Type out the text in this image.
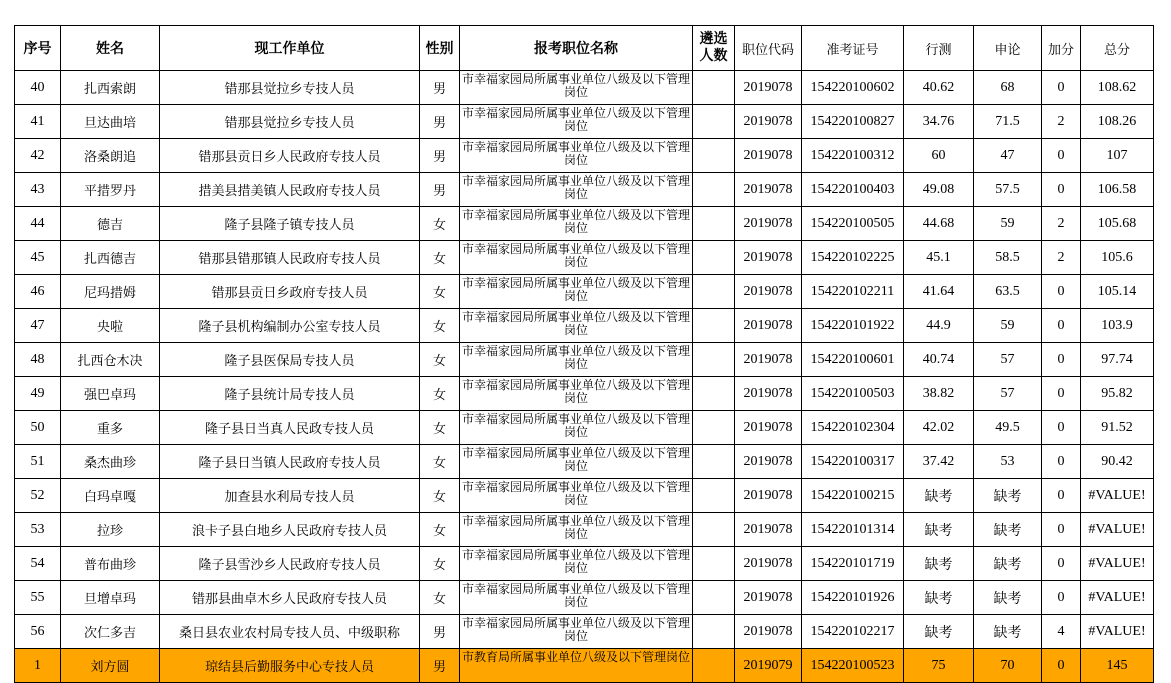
序号	姓名	现工作单位	性别	报考职位名称	遴选人数	职位代码	准考证号	行测	申论	加分	总分
40	扎西索朗	错那县觉拉乡专技人员	男	市幸福家园局所属事业单位八级及以下管理岗位		2019078	154220100602	40.62	68	0	108.62
41	旦达曲培	错那县觉拉乡专技人员	男	市幸福家园局所属事业单位八级及以下管理岗位		2019078	154220100827	34.76	71.5	2	108.26
42	洛桑朗追	错那县贡日乡人民政府专技人员	男	市幸福家园局所属事业单位八级及以下管理岗位		2019078	154220100312	60	47	0	107
43	平措罗丹	措美县措美镇人民政府专技人员	男	市幸福家园局所属事业单位八级及以下管理岗位		2019078	154220100403	49.08	57.5	0	106.58
44	德吉	隆子县隆子镇专技人员	女	市幸福家园局所属事业单位八级及以下管理岗位		2019078	154220100505	44.68	59	2	105.68
45	扎西德吉	错那县错那镇人民政府专技人员	女	市幸福家园局所属事业单位八级及以下管理岗位		2019078	154220102225	45.1	58.5	2	105.6
46	尼玛措姆	错那县贡日乡政府专技人员	女	市幸福家园局所属事业单位八级及以下管理岗位		2019078	154220102211	41.64	63.5	0	105.14
47	央啦	隆子县机构编制办公室专技人员	女	市幸福家园局所属事业单位八级及以下管理岗位		2019078	154220101922	44.9	59	0	103.9
48	扎西仓木决	隆子县医保局专技人员	女	市幸福家园局所属事业单位八级及以下管理岗位		2019078	154220100601	40.74	57	0	97.74
49	强巴卓玛	隆子县统计局专技人员	女	市幸福家园局所属事业单位八级及以下管理岗位		2019078	154220100503	38.82	57	0	95.82
50	重多	隆子县日当真人民政专技人员	女	市幸福家园局所属事业单位八级及以下管理岗位		2019078	154220102304	42.02	49.5	0	91.52
51	桑杰曲珍	隆子县日当镇人民政府专技人员	女	市幸福家园局所属事业单位八级及以下管理岗位		2019078	154220100317	37.42	53	0	90.42
52	白玛卓嘎	加查县水利局专技人员	女	市幸福家园局所属事业单位八级及以下管理岗位		2019078	154220100215	缺考	缺考	0	#VALUE!
53	拉珍	浪卡子县白地乡人民政府专技人员	女	市幸福家园局所属事业单位八级及以下管理岗位		2019078	154220101314	缺考	缺考	0	#VALUE!
54	普布曲珍	隆子县雪沙乡人民政府专技人员	女	市幸福家园局所属事业单位八级及以下管理岗位		2019078	154220101719	缺考	缺考	0	#VALUE!
55	旦增卓玛	错那县曲卓木乡人民政府专技人员	女	市幸福家园局所属事业单位八级及以下管理岗位		2019078	154220101926	缺考	缺考	0	#VALUE!
56	次仁多吉	桑日县农业农村局专技人员、中级职称	男	市幸福家园局所属事业单位八级及以下管理岗位		2019078	154220102217	缺考	缺考	4	#VALUE!
1	刘方圆	琼结县后勤服务中心专技人员	男	市教育局所属事业单位八级及以下管理岗位		2019079	154220100523	75	70	0	145
